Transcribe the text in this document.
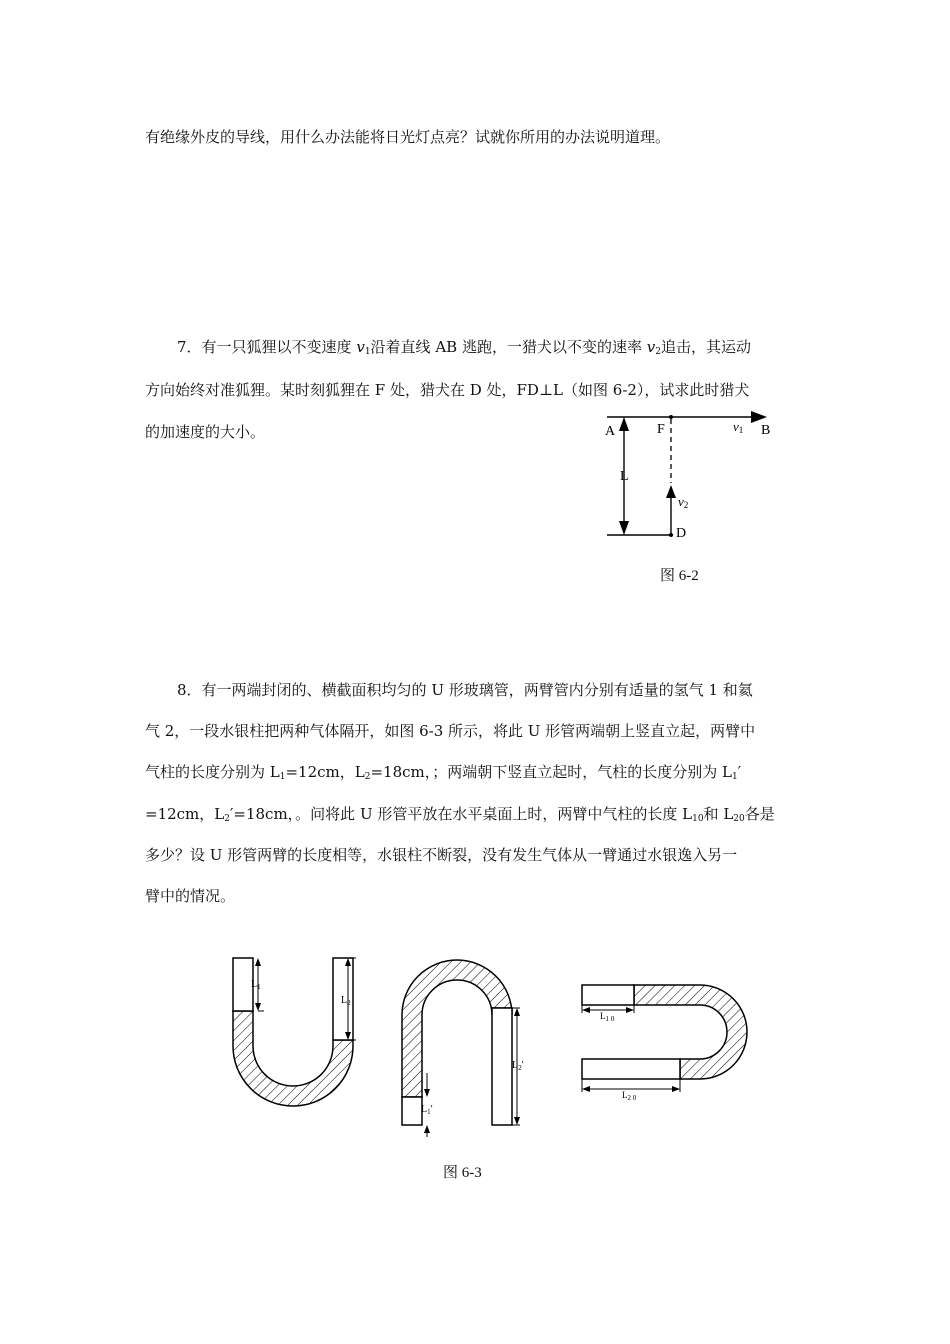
有绝缘外皮的导线，用什么办法能将日光灯点亮？试就你所用的办法说明道理。
7．有一只狐狸以不变速度 $v_1$沿着直线 AB 逃跑，一猎犬以不变的速率 $v_2$追击，其运动
方向始终对准狐狸。某时刻狐狸在 F 处，猎犬在 D 处，FD⊥L（如图 6-2），试求此时猎犬
的加速度的大小。	A	F	v1 B
L
v2
D
图 6-2
8．有一两端封闭的、横截面积均匀的 U 形玻璃管，两臂管内分别有适量的氢气 1 和氦
气 2，一段水银柱把两种气体隔开，如图 6-3 所示，将此 U 形管两端朝上竖直立起，两臂中
气柱的长度分别为 $L_1=12cm$，$L_2=18cm$，；两端朝下竖直立起时，气柱的长度分别为 $L_1'$
=12cm，$L_2'=18cm$，。问将此 U 形管平放在水平桌面上时，两臂中气柱的长度 $L_{10}$和 $L_{20}$各是
多少？设 U 形管两臂的长度相等，水银柱不断裂，没有发生气体从一臂通过水银逸入另一
臂中的情况。
$L_1$
$L_2$
$L_1'$
$L_2'$
$L_{1 0}$
$L_{2 0}$
图 6-3
